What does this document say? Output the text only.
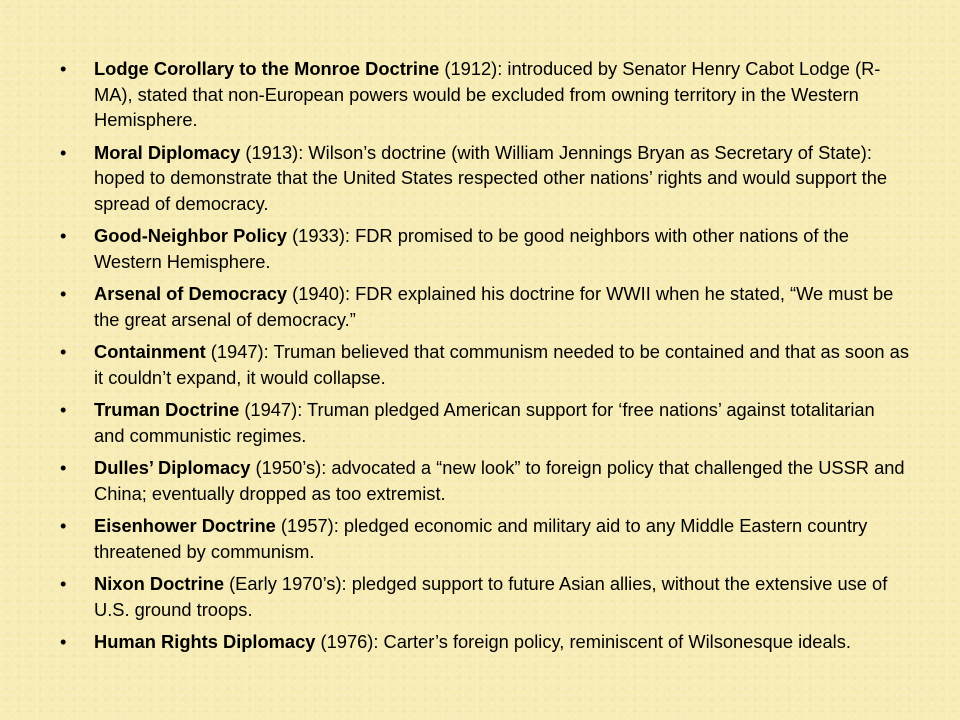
• Lodge Corollary to the Monroe Doctrine (1912): introduced by Senator Henry Cabot Lodge (R-MA), stated that non-European powers would be excluded from owning territory in the Western Hemisphere.
• Moral Diplomacy (1913): Wilson’s doctrine (with William Jennings Bryan as Secretary of State): hoped to demonstrate that the United States respected other nations’ rights and would support the spread of democracy.
• Good-Neighbor Policy (1933): FDR promised to be good neighbors with other nations of the Western Hemisphere.
• Arsenal of Democracy (1940): FDR explained his doctrine for WWII when he stated, “We must be the great arsenal of democracy.”
• Containment (1947): Truman believed that communism needed to be contained and that as soon as it couldn’t expand, it would collapse.
• Truman Doctrine (1947): Truman pledged American support for ‘free nations’ against totalitarian and communistic regimes.
• Dulles’ Diplomacy (1950’s): advocated a “new look” to foreign policy that challenged the USSR and China; eventually dropped as too extremist.
• Eisenhower Doctrine (1957): pledged economic and military aid to any Middle Eastern country threatened by communism.
• Nixon Doctrine (Early 1970’s): pledged support to future Asian allies, without the extensive use of U.S. ground troops.
• Human Rights Diplomacy (1976): Carter’s foreign policy, reminiscent of Wilsonesque ideals.
